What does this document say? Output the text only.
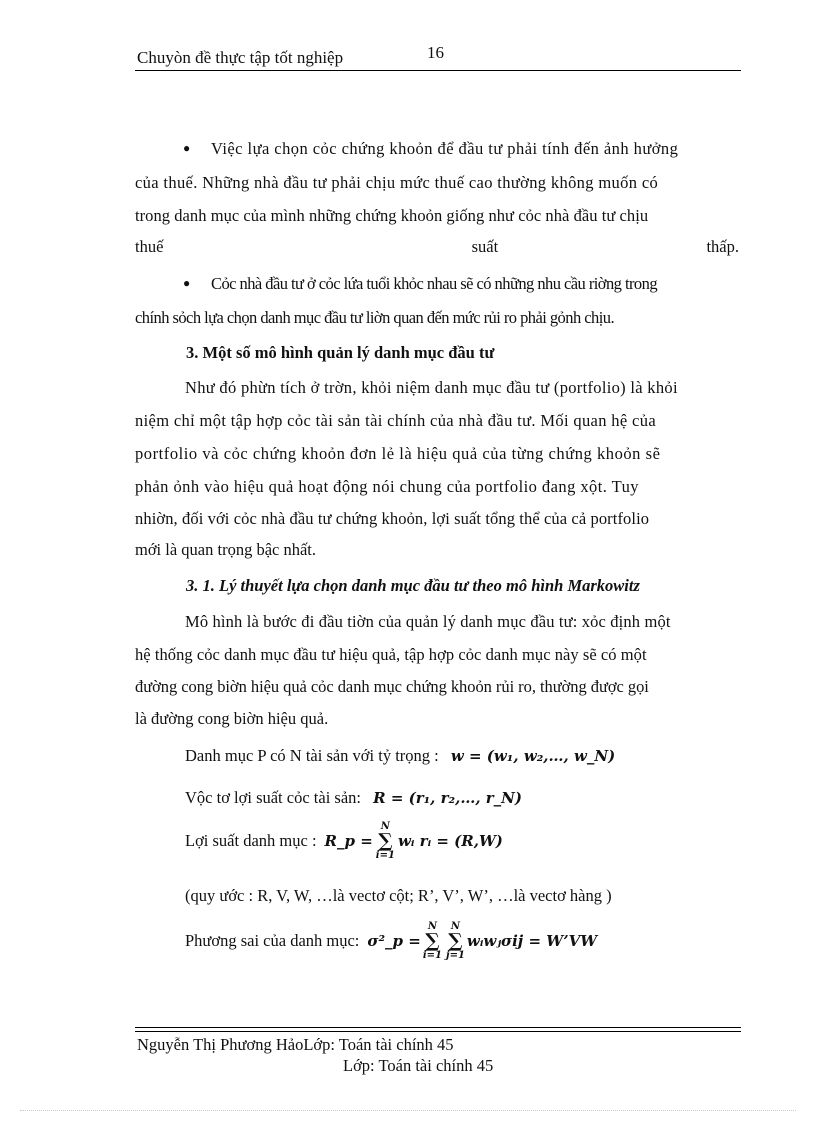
Chuyòn đề thực tập tốt nghiệp	16
● Việc lựa chọn cỏc chứng khoỏn để đầu tư phải tính đến ảnh hưởng
của thuế. Những nhà đầu tư phải chịu mức thuế cao thường không muốn có
trong danh mục của mình những chứng khoỏn giống như cỏc nhà đầu tư chịu
thuế	suất	thấp.
● Cỏc nhà đầu tư ở cỏc lứa tuổi khỏc nhau sẽ có những nhu cầu riờng trong
chính sỏch lựa chọn danh mục đầu tư liờn quan đến mức rủi ro phải gỏnh chịu.
3. Một số mô hình quản lý danh mục đầu tư
Như đó phừn tích ở trờn, khỏi niệm danh mục đầu tư (portfolio) là khỏi
niệm chỉ một tập hợp cỏc tài sản tài chính của nhà đầu tư. Mối quan hệ của
portfolio và cỏc chứng khoỏn đơn lẻ là hiệu quả của từng chứng khoỏn sẽ
phản ỏnh vào hiệu quả hoạt động nói chung của portfolio đang xột. Tuy
nhiờn, đối với cỏc nhà đầu tư chứng khoỏn, lợi suất tổng thể của cả portfolio
mới là quan trọng bậc nhất.
3. 1. Lý thuyết lựa chọn danh mục đầu tư theo mô hình Markowitz
Mô hình là bước đi đầu tiờn của quản lý danh mục đầu tư: xỏc định một
hệ thống cỏc danh mục đầu tư hiệu quả, tập hợp cỏc danh mục này sẽ có một
đường cong biờn hiệu quả cỏc danh mục chứng khoỏn rủi ro, thường được gọi
là đường cong biờn hiệu quả.
Danh mục P có N tài sản với tỷ trọng : w = (w₁, w₂,…, w_N)
Vộc tơ lợi suất cỏc tài sản: R = (r₁, r₂,…, r_N)
Lợi suất danh mục : R_p =
N
∑
i=1
wᵢ rᵢ = (R,W)
(quy ước : R, V, W, …là vectơ cột; R’, V’, W’, …là vectơ hàng )
Phương sai của danh mục: σ²_p =
N
∑
i=1
N
∑
j=1
wᵢwⱼσij = W’VW
Nguyễn Thị Phương HảoLớp: Toán tài chính 45
Lớp: Toán tài chính 45
